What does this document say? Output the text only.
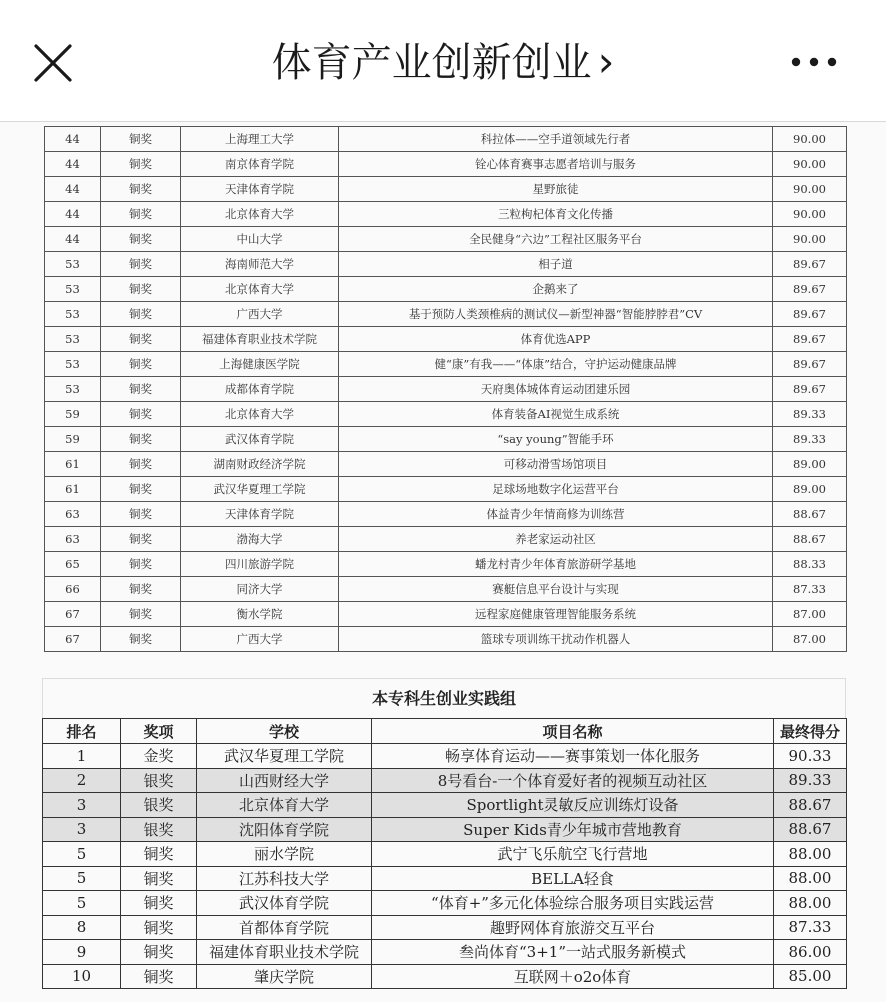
体育产业创新创业 ›
44	铜奖	上海理工大学	科拉体——空手道领域先行者	90.00
44	铜奖	南京体育学院	铨心体育赛事志愿者培训与服务	90.00
44	铜奖	天津体育学院	星野旅徒	90.00
44	铜奖	北京体育大学	三粒枸杞体育文化传播	90.00
44	铜奖	中山大学	全民健身“六边”工程社区服务平台	90.00
53	铜奖	海南师范大学	相子道	89.67
53	铜奖	北京体育大学	企鹅来了	89.67
53	铜奖	广西大学	基于预防人类颈椎病的测试仪—新型神器“智能脖脖君”CV	89.67
53	铜奖	福建体育职业技术学院	体育优选APP	89.67
53	铜奖	上海健康医学院	健“康”有我——“体康”结合，守护运动健康品牌	89.67
53	铜奖	成都体育学院	天府奥体城体育运动团建乐园	89.67
59	铜奖	北京体育大学	体育装备AI视觉生成系统	89.33
59	铜奖	武汉体育学院	“say young”智能手环	89.33
61	铜奖	湖南财政经济学院	可移动滑雪场馆项目	89.00
61	铜奖	武汉华夏理工学院	足球场地数字化运营平台	89.00
63	铜奖	天津体育学院	体益青少年情商修为训练营	88.67
63	铜奖	渤海大学	养老家运动社区	88.67
65	铜奖	四川旅游学院	蟠龙村青少年体育旅游研学基地	88.33
66	铜奖	同济大学	赛艇信息平台设计与实现	87.33
67	铜奖	衡水学院	远程家庭健康管理智能服务系统	87.00
67	铜奖	广西大学	篮球专项训练干扰动作机器人	87.00
本专科生创业实践组
排名	奖项	学校	项目名称	最终得分
1	金奖	武汉华夏理工学院	畅享体育运动——赛事策划一体化服务	90.33
2	银奖	山西财经大学	8号看台-一个体育爱好者的视频互动社区	89.33
3	银奖	北京体育大学	Sportlight灵敏反应训练灯设备	88.67
3	银奖	沈阳体育学院	Super Kids青少年城市营地教育	88.67
5	铜奖	丽水学院	武宁飞乐航空飞行营地	88.00
5	铜奖	江苏科技大学	BELLA轻食	88.00
5	铜奖	武汉体育学院	“体育+”多元化体验综合服务项目实践运营	88.00
8	铜奖	首都体育学院	趣野网体育旅游交互平台	87.33
9	铜奖	福建体育职业技术学院	叁尚体育“3+1”一站式服务新模式	86.00
10	铜奖	肇庆学院	互联网＋o2o体育	85.00
